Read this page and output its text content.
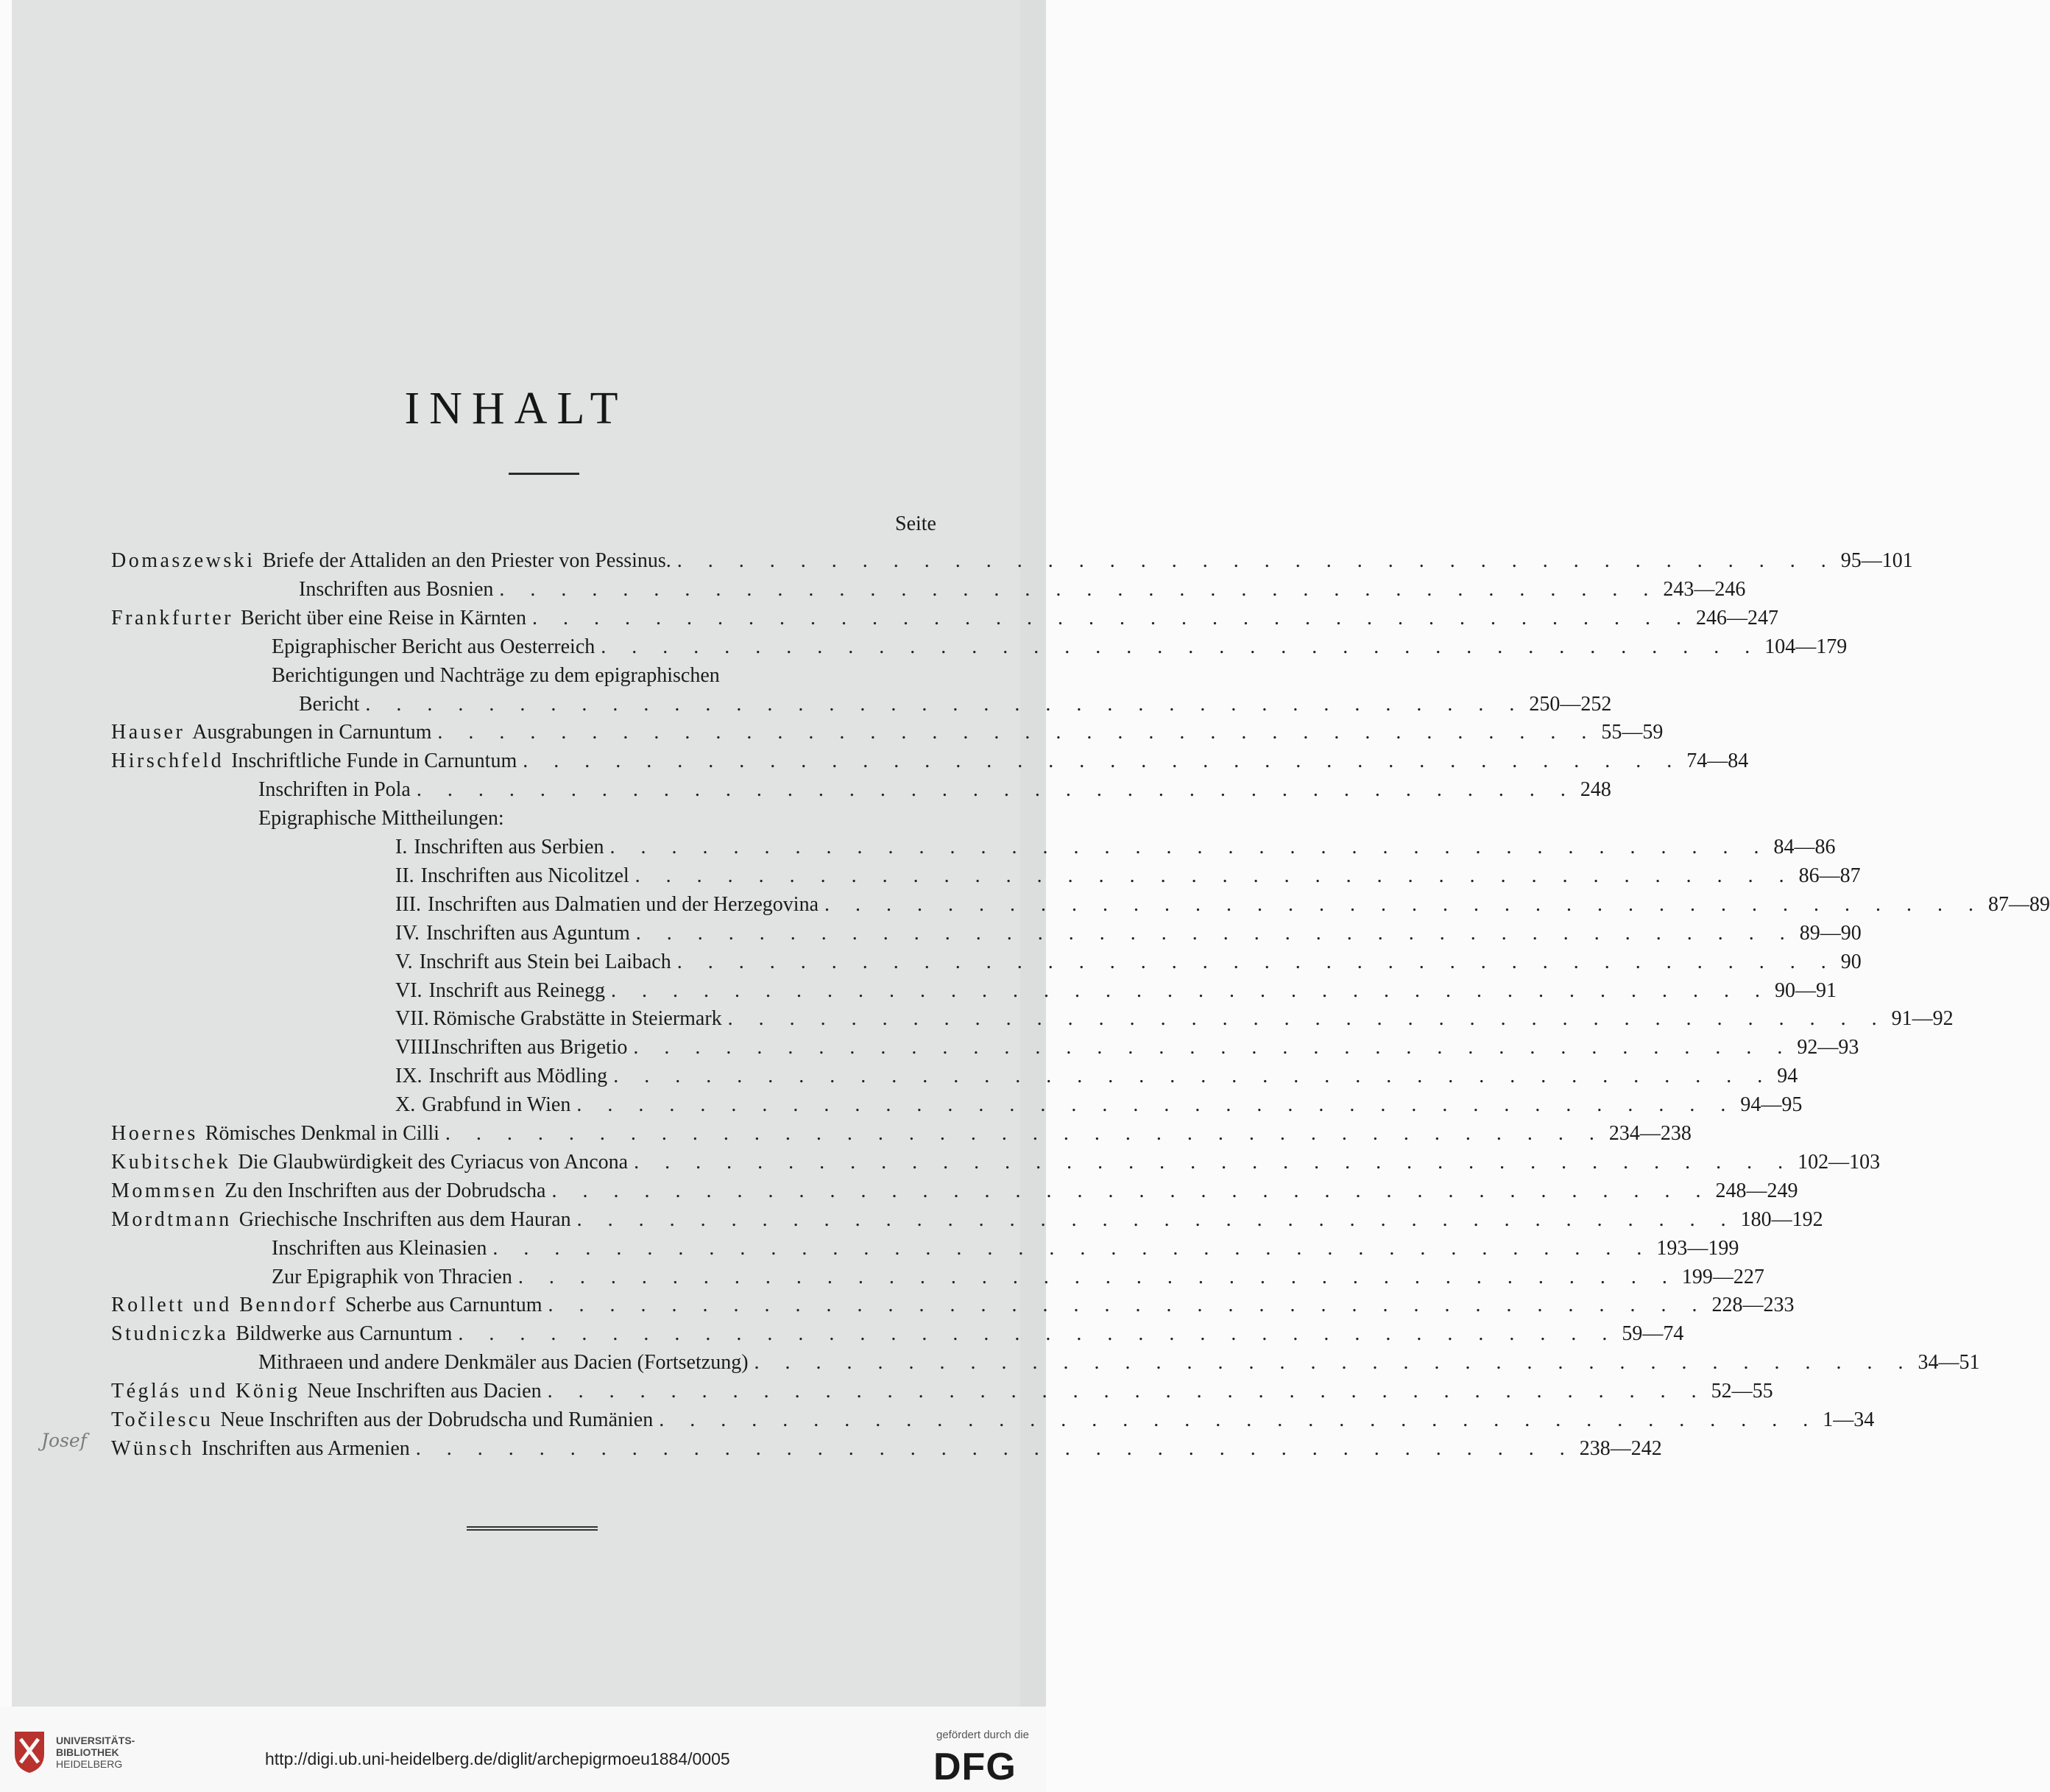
INHALT
Seite
Domaszewski Briefe der Attaliden an den Priester von Pessinus. . . . . . . . . . . . . . . . . . . . . . . . . . . . . . . . . . . . . . . 95—101
Inschriften aus Bosnien . . . . . . . . . . . . . . . . . . . . . . . . . . . . . . . . . . . . . . 243—246
Frankfurter Bericht über eine Reise in Kärnten . . . . . . . . . . . . . . . . . . . . . . . . . . . . . . . . . . . . . . 246—247
Epigraphischer Bericht aus Oesterreich . . . . . . . . . . . . . . . . . . . . . . . . . . . . . . . . . . . . . . 104—179
Berichtigungen und Nachträge zu dem epigraphischen
Bericht . . . . . . . . . . . . . . . . . . . . . . . . . . . . . . . . . . . . . . 250—252
Hauser Ausgrabungen in Carnuntum . . . . . . . . . . . . . . . . . . . . . . . . . . . . . . . . . . . . . . 55—59
Hirschfeld Inschriftliche Funde in Carnuntum . . . . . . . . . . . . . . . . . . . . . . . . . . . . . . . . . . . . . . 74—84
Inschriften in Pola . . . . . . . . . . . . . . . . . . . . . . . . . . . . . . . . . . . . . . 248
Epigraphische Mittheilungen:
I. Inschriften aus Serbien . . . . . . . . . . . . . . . . . . . . . . . . . . . . . . . . . . . . . . 84—86
II. Inschriften aus Nicolitzel . . . . . . . . . . . . . . . . . . . . . . . . . . . . . . . . . . . . . . 86—87
III. Inschriften aus Dalmatien und der Herzegovina . . . . . . . . . . . . . . . . . . . . . . . . . . . . . . . . . . . . . . 87—89
IV. Inschriften aus Aguntum . . . . . . . . . . . . . . . . . . . . . . . . . . . . . . . . . . . . . . 89—90
V. Inschrift aus Stein bei Laibach . . . . . . . . . . . . . . . . . . . . . . . . . . . . . . . . . . . . . . 90
VI. Inschrift aus Reinegg . . . . . . . . . . . . . . . . . . . . . . . . . . . . . . . . . . . . . . 90—91
VII. Römische Grabstätte in Steiermark . . . . . . . . . . . . . . . . . . . . . . . . . . . . . . . . . . . . . . 91—92
VIII.
Inschriften aus Brigetio . . . . . . . . . . . . . . . . . . . . . . . . . . . . . . . . . . . . . . 92—93
IX. Inschrift aus Mödling . . . . . . . . . . . . . . . . . . . . . . . . . . . . . . . . . . . . . . 94
X. Grabfund in Wien . . . . . . . . . . . . . . . . . . . . . . . . . . . . . . . . . . . . . . 94—95
Hoernes Römisches Denkmal in Cilli . . . . . . . . . . . . . . . . . . . . . . . . . . . . . . . . . . . . . . 234—238
Kubitschek Die Glaubwürdigkeit des Cyriacus von Ancona . . . . . . . . . . . . . . . . . . . . . . . . . . . . . . . . . . . . . . 102—103
Mommsen Zu den Inschriften aus der Dobrudscha . . . . . . . . . . . . . . . . . . . . . . . . . . . . . . . . . . . . . . 248—249
Mordtmann Griechische Inschriften aus dem Hauran . . . . . . . . . . . . . . . . . . . . . . . . . . . . . . . . . . . . . . 180—192
Inschriften aus Kleinasien . . . . . . . . . . . . . . . . . . . . . . . . . . . . . . . . . . . . . . 193—199
Zur Epigraphik von Thracien . . . . . . . . . . . . . . . . . . . . . . . . . . . . . . . . . . . . . . 199—227
Rollett und Benndorf Scherbe aus Carnuntum . . . . . . . . . . . . . . . . . . . . . . . . . . . . . . . . . . . . . . 228—233
Studniczka Bildwerke aus Carnuntum . . . . . . . . . . . . . . . . . . . . . . . . . . . . . . . . . . . . . . 59—74
Mithraeen und andere Denkmäler aus Dacien (Fortsetzung) . . . . . . . . . . . . . . . . . . . . . . . . . . . . . . . . . . . . . . 34—51
Téglás und König Neue Inschriften aus Dacien . . . . . . . . . . . . . . . . . . . . . . . . . . . . . . . . . . . . . . 52—55
Točilescu Neue Inschriften aus der Dobrudscha und Rumänien . . . . . . . . . . . . . . . . . . . . . . . . . . . . . . . . . . . . . . 1—34
Wünsch Inschriften aus Armenien . . . . . . . . . . . . . . . . . . . . . . . . . . . . . . . . . . . . . . 238—242
Josef
UNIVERSITÄTS-
BIBLIOTHEK
HEIDELBERG	http://digi.ub.uni-heidelberg.de/diglit/archepigrmoeu1884/0005
gefördert durch die
DFG
